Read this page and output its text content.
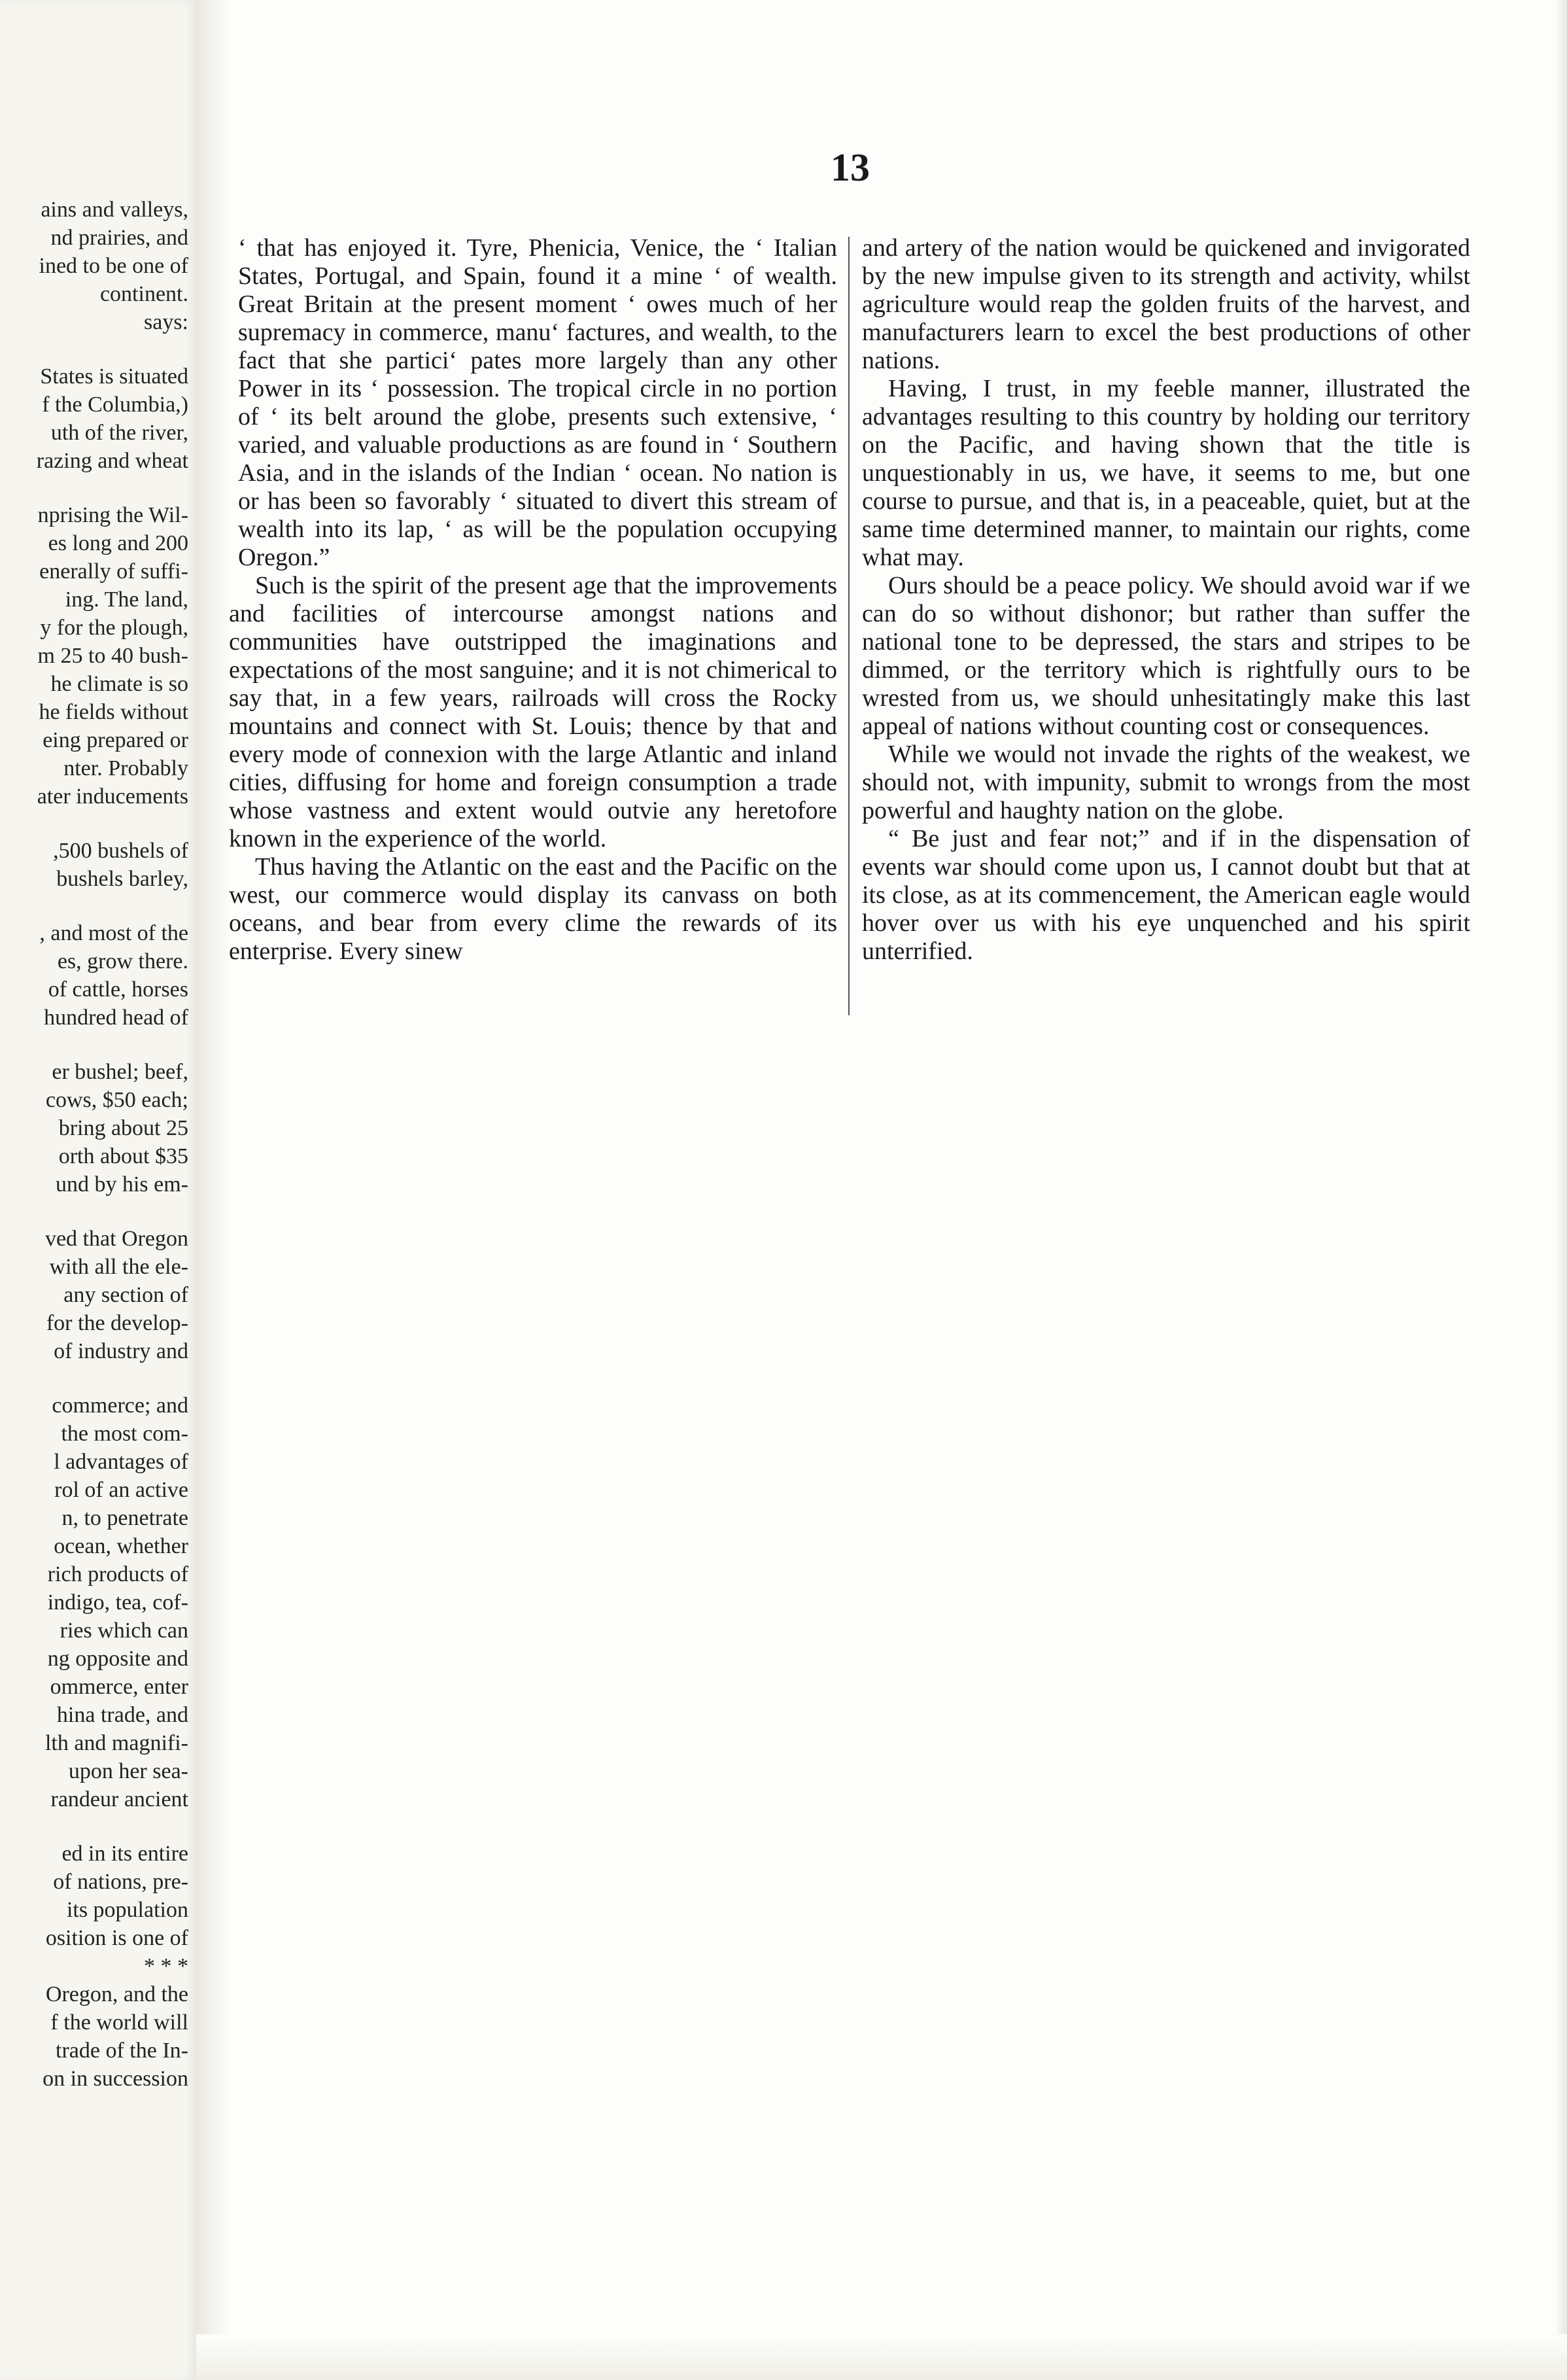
ains and valleys,
nd prairies, and
ined to be one of
continent.
says:
States is situated
f the Columbia,)
uth of the river,
razing and wheat
nprising the Wil-
es long and 200
enerally of suffi-
ing. The land,
y for the plough,
m 25 to 40 bush-
he climate is so
he fields without
eing prepared or
nter. Probably
ater inducements
,500 bushels of
bushels barley,
, and most of the
es, grow there.
of cattle, horses
hundred head of
er bushel; beef,
cows, $50 each;
bring about 25
orth about $35
und by his em-
ved that Oregon
with all the ele-
any section of
for the develop-
of industry and
commerce; and
the most com-
l advantages of
rol of an active
n, to penetrate
ocean, whether
rich products of
indigo, tea, cof-
ries which can
ng opposite and
ommerce, enter
hina trade, and
lth and magnifi-
upon her sea-
randeur ancient
ed in its entire
of nations, pre-
its population
osition is one of
* * *
Oregon, and the
f the world will
trade of the In-
on in succession
13

‘ that has enjoyed it. Tyre, Phenicia, Venice, the ‘ Italian States, Portugal, and Spain, found it a mine ‘ of wealth. Great Britain at the present moment ‘ owes much of her supremacy in commerce, manu‘ factures, and wealth, to the fact that she partici‘ pates more largely than any other Power in its ‘ possession. The tropical circle in no portion of ‘ its belt around the globe, presents such extensive, ‘ varied, and valuable productions as are found in ‘ Southern Asia, and in the islands of the Indian ‘ ocean. No nation is or has been so favorably ‘ situated to divert this stream of wealth into its lap, ‘ as will be the population occupying Oregon.”

Such is the spirit of the present age that the improvements and facilities of intercourse amongst nations and communities have outstripped the imaginations and expectations of the most sanguine; and it is not chimerical to say that, in a few years, railroads will cross the Rocky mountains and connect with St. Louis; thence by that and every mode of connexion with the large Atlantic and inland cities, diffusing for home and foreign consumption a trade whose vastness and extent would outvie any heretofore known in the experience of the world.

Thus having the Atlantic on the east and the Pacific on the west, our commerce would display its canvass on both oceans, and bear from every clime the rewards of its enterprise. Every sinew

and artery of the nation would be quickened and invigorated by the new impulse given to its strength and activity, whilst agriculture would reap the golden fruits of the harvest, and manufacturers learn to excel the best productions of other nations.

Having, I trust, in my feeble manner, illustrated the advantages resulting to this country by holding our territory on the Pacific, and having shown that the title is unquestionably in us, we have, it seems to me, but one course to pursue, and that is, in a peaceable, quiet, but at the same time determined manner, to maintain our rights, come what may.

Ours should be a peace policy. We should avoid war if we can do so without dishonor; but rather than suffer the national tone to be depressed, the stars and stripes to be dimmed, or the territory which is rightfully ours to be wrested from us, we should unhesitatingly make this last appeal of nations without counting cost or consequences.

While we would not invade the rights of the weakest, we should not, with impunity, submit to wrongs from the most powerful and haughty nation on the globe.

“ Be just and fear not;” and if in the dispensation of events war should come upon us, I cannot doubt but that at its close, as at its commencement, the American eagle would hover over us with his eye unquenched and his spirit unterrified.
